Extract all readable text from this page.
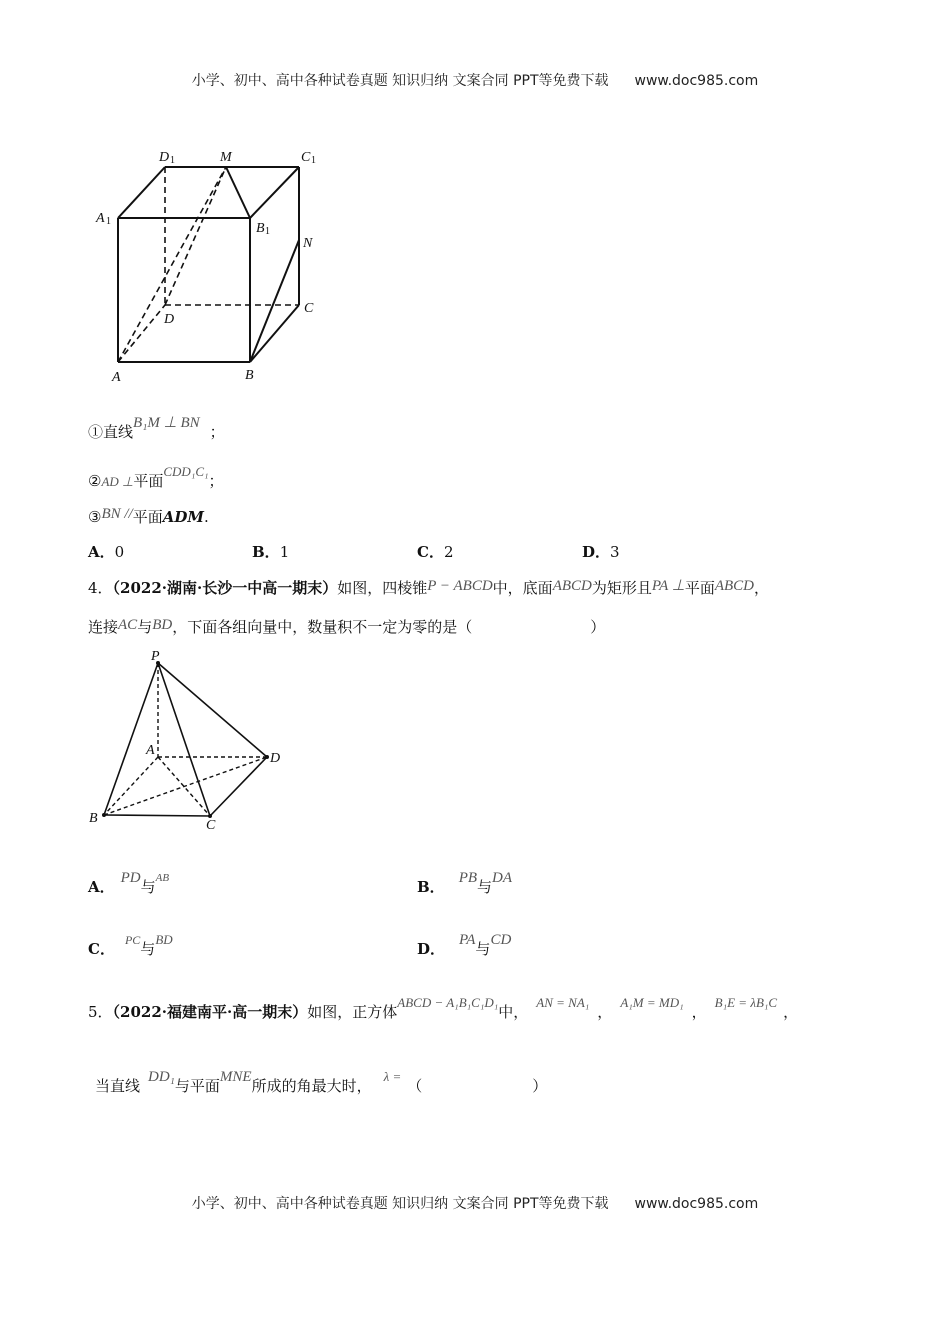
小学、初中、高中各种试卷真题 知识归纳 文案合同 PPT等免费下载 www.doc985.com
D 1	M	C 1
A 1	B 1
N
D
C
A	B
①直线B₁M ⊥ BN ；
②AD ⊥平面CDD₁C₁；
③BN //平面ADM.
A．0	B．1	C．2	D．3
4．（2022·湖南·长沙一中高一期末）如图，四棱锥P − ABCD中，底面ABCD为矩形且PA ⊥平面ABCD，
连接AC与BD，下面各组向量中，数量积不一定为零的是（	）
P
A
D
B	C
A． PD与$^{AB}$	B． PB与DA
C． $^{PC}$与BD
D． PA与CD
5．（2022·福建南平·高一期末）如图，正方体ABCD − A₁B₁C₁D₁中，AN = NA₁，A₁M = MD₁，B₁E = λB₁C，
当直线 DD₁与平面MNE所成的角最大时，λ =（	）
小学、初中、高中各种试卷真题 知识归纳 文案合同 PPT等免费下载 www.doc985.com
